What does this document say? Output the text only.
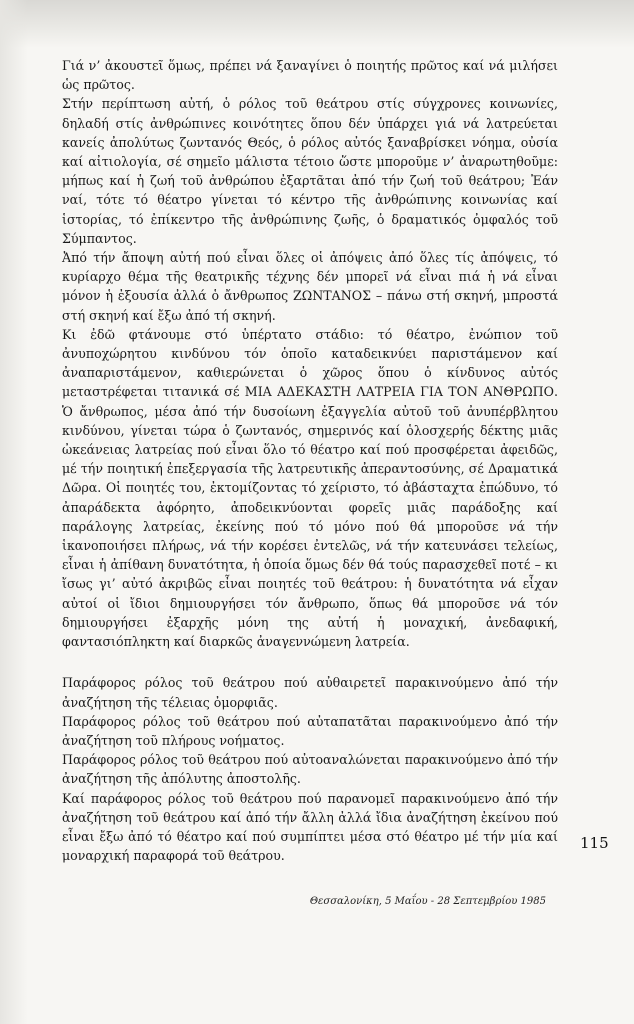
Γιά ν’ ἀκουστεῖ ὅμως, πρέπει νά ξαναγίνει ὁ ποιητής πρῶτος καί νά μιλήσει ὡς πρῶτος.

Στήν περίπτωση αὐτή, ὁ ρόλος τοῦ θεάτρου στίς σύγχρονες κοινωνίες, δηλαδή στίς ἀνθρώπινες κοινότητες ὅπου δέν ὑπάρχει γιά νά λατρεύεται κανείς ἀπολύτως ζωντανός Θεός, ὁ ρόλος αὐτός ξαναβρίσκει νόημα, οὐσία καί αἰτιολογία, σέ σημεῖο μάλιστα τέτοιο ὥστε μποροῦμε ν’ ἀναρωτηθοῦμε: μήπως καί ἡ ζωή τοῦ ἀνθρώπου ἐξαρτᾶται ἀπό τήν ζωή τοῦ θεάτρου; Ἐάν ναί, τότε τό θέατρο γίνεται τό κέντρο τῆς ἀνθρώπινης κοινωνίας καί ἱστορίας, τό ἐπίκεντρο τῆς ἀνθρώπινης ζωῆς, ὁ δραματικός ὀμφαλός τοῦ Σύμπαντος.

Ἀπό τήν ἄποψη αὐτή πού εἶναι ὅλες οἱ ἀπόψεις ἀπό ὅλες τίς ἀπόψεις, τό κυρίαρχο θέμα τῆς θεατρικῆς τέχνης δέν μπορεῖ νά εἶναι πιά ἡ νά εἶναι μόνον ἡ ἐξουσία ἀλλά ὁ ἄνθρωπος ΖΩΝΤΑΝΟΣ – πάνω στή σκηνή, μπροστά στή σκηνή καί ἔξω ἀπό τή σκηνή.

Κι ἐδῶ φτάνουμε στό ὑπέρτατο στάδιο: τό θέατρο, ἐνώπιον τοῦ ἀνυποχώρητου κινδύνου τόν ὁποῖο καταδεικνύει παριστάμενον καί ἀναπαριστάμενον, καθιερώνεται ὁ χῶρος ὅπου ὁ κίνδυνος αὐτός μεταστρέφεται τιτανικά σέ ΜΙΑ ΑΔΕΚΑΣΤΗ ΛΑΤΡΕΙΑ ΓΙΑ ΤΟΝ ΑΝΘΡΩΠΟ. Ὁ ἄνθρωπος, μέσα ἀπό τήν δυσοίωνη ἐξαγγελία αὐτοῦ τοῦ ἀνυπέρβλητου κινδύνου, γίνεται τώρα ὁ ζωντανός, σημερινός καί ὁλοσχερής δέκτης μιᾶς ὠκεάνειας λατρείας πού εἶναι ὅλο τό θέατρο καί πού προσφέρεται ἀφειδῶς, μέ τήν ποιητική ἐπεξεργασία τῆς λατρευτικῆς ἀπεραντοσύνης, σέ Δραματικά Δῶρα. Οἱ ποιητές του, ἐκτομίζοντας τό χείριστο, τό ἀβάσταχτα ἐπώδυνο, τό ἀπαράδεκτα ἀφόρητο, ἀποδεικνύονται φορεῖς μιᾶς παράδοξης καί παράλογης λατρείας, ἐκείνης πού τό μόνο πού θά μποροῦσε νά τήν ἱκανοποιήσει πλήρως, νά τήν κορέσει ἐντελῶς, νά τήν κατευνάσει τελείως, εἶναι ἡ ἀπίθανη δυνατότητα, ἡ ὁποία ὅμως δέν θά τούς παρασχεθεῖ ποτέ – κι ἴσως γι’ αὐτό ἀκριβῶς εἶναι ποιητές τοῦ θεάτρου: ἡ δυνατότητα νά εἶχαν αὐτοί οἱ ἴδιοι δημιουργήσει τόν ἄνθρωπο, ὅπως θά μποροῦσε νά τόν δημιουργήσει ἐξαρχῆς μόνη της αὐτή ἡ μοναχική, ἀνεδαφική, φαντασιόπληκτη καί διαρκῶς ἀναγεννώμενη λατρεία.

Παράφορος ρόλος τοῦ θεάτρου πού αὐθαιρετεῖ παρακινούμενο ἀπό τήν ἀναζήτηση τῆς τέλειας ὀμορφιᾶς.

Παράφορος ρόλος τοῦ θεάτρου πού αὐταπατᾶται παρακινούμενο ἀπό τήν ἀναζήτηση τοῦ πλήρους νοήματος.

Παράφορος ρόλος τοῦ θεάτρου πού αὐτοαναλώνεται παρακινούμενο ἀπό τήν ἀναζήτηση τῆς ἀπόλυτης ἀποστολῆς.

Καί παράφορος ρόλος τοῦ θεάτρου πού παρανομεῖ παρακινούμενο ἀπό τήν ἀναζήτηση τοῦ θεάτρου καί ἀπό τήν ἄλλη ἀλλά ἴδια ἀναζήτηση ἐκείνου πού εἶναι ἔξω ἀπό τό θέατρο καί πού συμπίπτει μέσα στό θέατρο μέ τήν μία καί μοναρχική παραφορά τοῦ θεάτρου.

Θεσσαλονίκη, 5 Μαΐου - 28 Σεπτεμβρίου 1985
115
